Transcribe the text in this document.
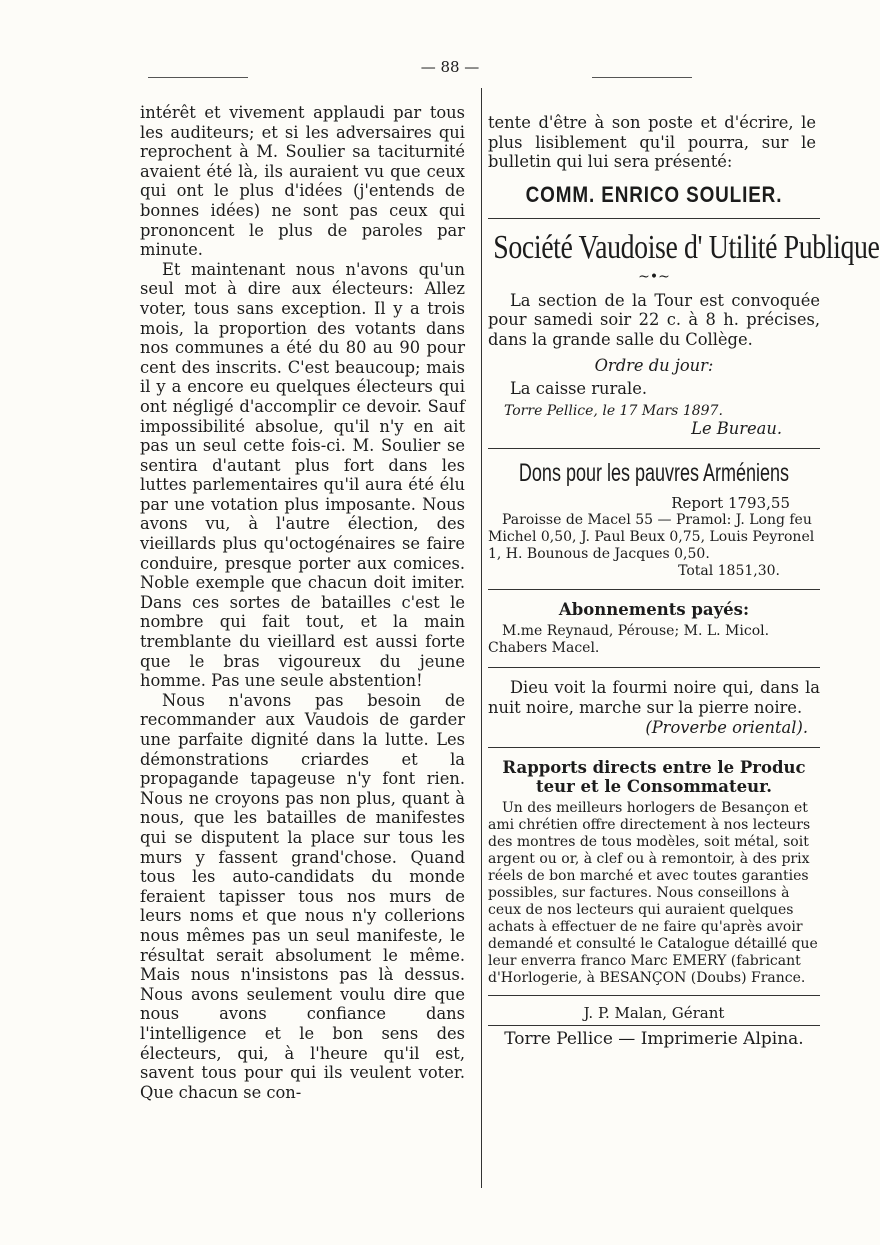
— 88 —

intérêt et vivement applaudi par tous les auditeurs; et si les adversaires qui reprochent à M. Soulier sa taciturnité avaient été là, ils auraient vu que ceux qui ont le plus d'idées (j'entends de bonnes idées) ne sont pas ceux qui prononcent le plus de paroles par minute.

Et maintenant nous n'avons qu'un seul mot à dire aux électeurs: Allez voter, tous sans exception. Il y a trois mois, la proportion des votants dans nos communes a été du 80 au 90 pour cent des inscrits. C'est beaucoup; mais il y a encore eu quelques électeurs qui ont négligé d'accomplir ce devoir. Sauf impossibilité absolue, qu'il n'y en ait pas un seul cette fois-ci. M. Soulier se sentira d'autant plus fort dans les luttes parlementaires qu'il aura été élu par une votation plus imposante. Nous avons vu, à l'autre élection, des vieillards plus qu'octogénaires se faire conduire, presque porter aux comices. Noble exemple que chacun doit imiter. Dans ces sortes de batailles c'est le nombre qui fait tout, et la main tremblante du vieillard est aussi forte que le bras vigoureux du jeune homme. Pas une seule abstention!

Nous n'avons pas besoin de recommander aux Vaudois de garder une parfaite dignité dans la lutte. Les démonstrations criardes et la propagande tapageuse n'y font rien. Nous ne croyons pas non plus, quant à nous, que les batailles de manifestes qui se disputent la place sur tous les murs y fassent grand'chose. Quand tous les auto-candidats du monde feraient tapisser tous nos murs de leurs noms et que nous n'y collerions nous mêmes pas un seul manifeste, le résultat serait absolument le même. Mais nous n'insistons pas là dessus. Nous avons seulement voulu dire que nous avons confiance dans l'intelligence et le bon sens des électeurs, qui, à l'heure qu'il est, savent tous pour qui ils veulent voter. Que chacun se con-

tente d'être à son poste et d'écrire, le plus lisiblement qu'il pourra, sur le bulletin qui lui sera présenté:
COMM. ENRICO SOULIER.
Société Vaudoise d' Utilité Publique
~•~

La section de la Tour est convoquée pour samedi soir 22 c. à 8 h. précises, dans la grande salle du Collège.

Ordre du jour:
La caisse rurale.
Torre Pellice, le 17 Mars 1897.
Le Bureau.
Dons pour les pauvres Arméniens
Report 1793,55

Paroisse de Macel 55 — Pramol: J. Long feu Michel 0,50, J. Paul Beux 0,75, Louis Peyronel 1, H. Bounous de Jacques 0,50.

Total 1851,30.
Abonnements payés:

M.me Reynaud, Pérouse; M. L. Micol. Chabers Macel.

Dieu voit la fourmi noire qui, dans la nuit noire, marche sur la pierre noire.

(Proverbe oriental).
Rapports directs entre le Produc
teur et le Consommateur.

Un des meilleurs horlogers de Besançon et ami chrétien offre directement à nos lecteurs des montres de tous modèles, soit métal, soit argent ou or, à clef ou à remontoir, à des prix réels de bon marché et avec toutes garanties possibles, sur factures. Nous conseillons à ceux de nos lecteurs qui auraient quelques achats à effectuer de ne faire qu'après avoir demandé et consulté le Catalogue détaillé que leur enverra franco Marc EMERY (fabricant d'Horlogerie, à BESANÇON (Doubs) France.

J. P. Malan, Gérant
Torre Pellice — Imprimerie Alpina.
